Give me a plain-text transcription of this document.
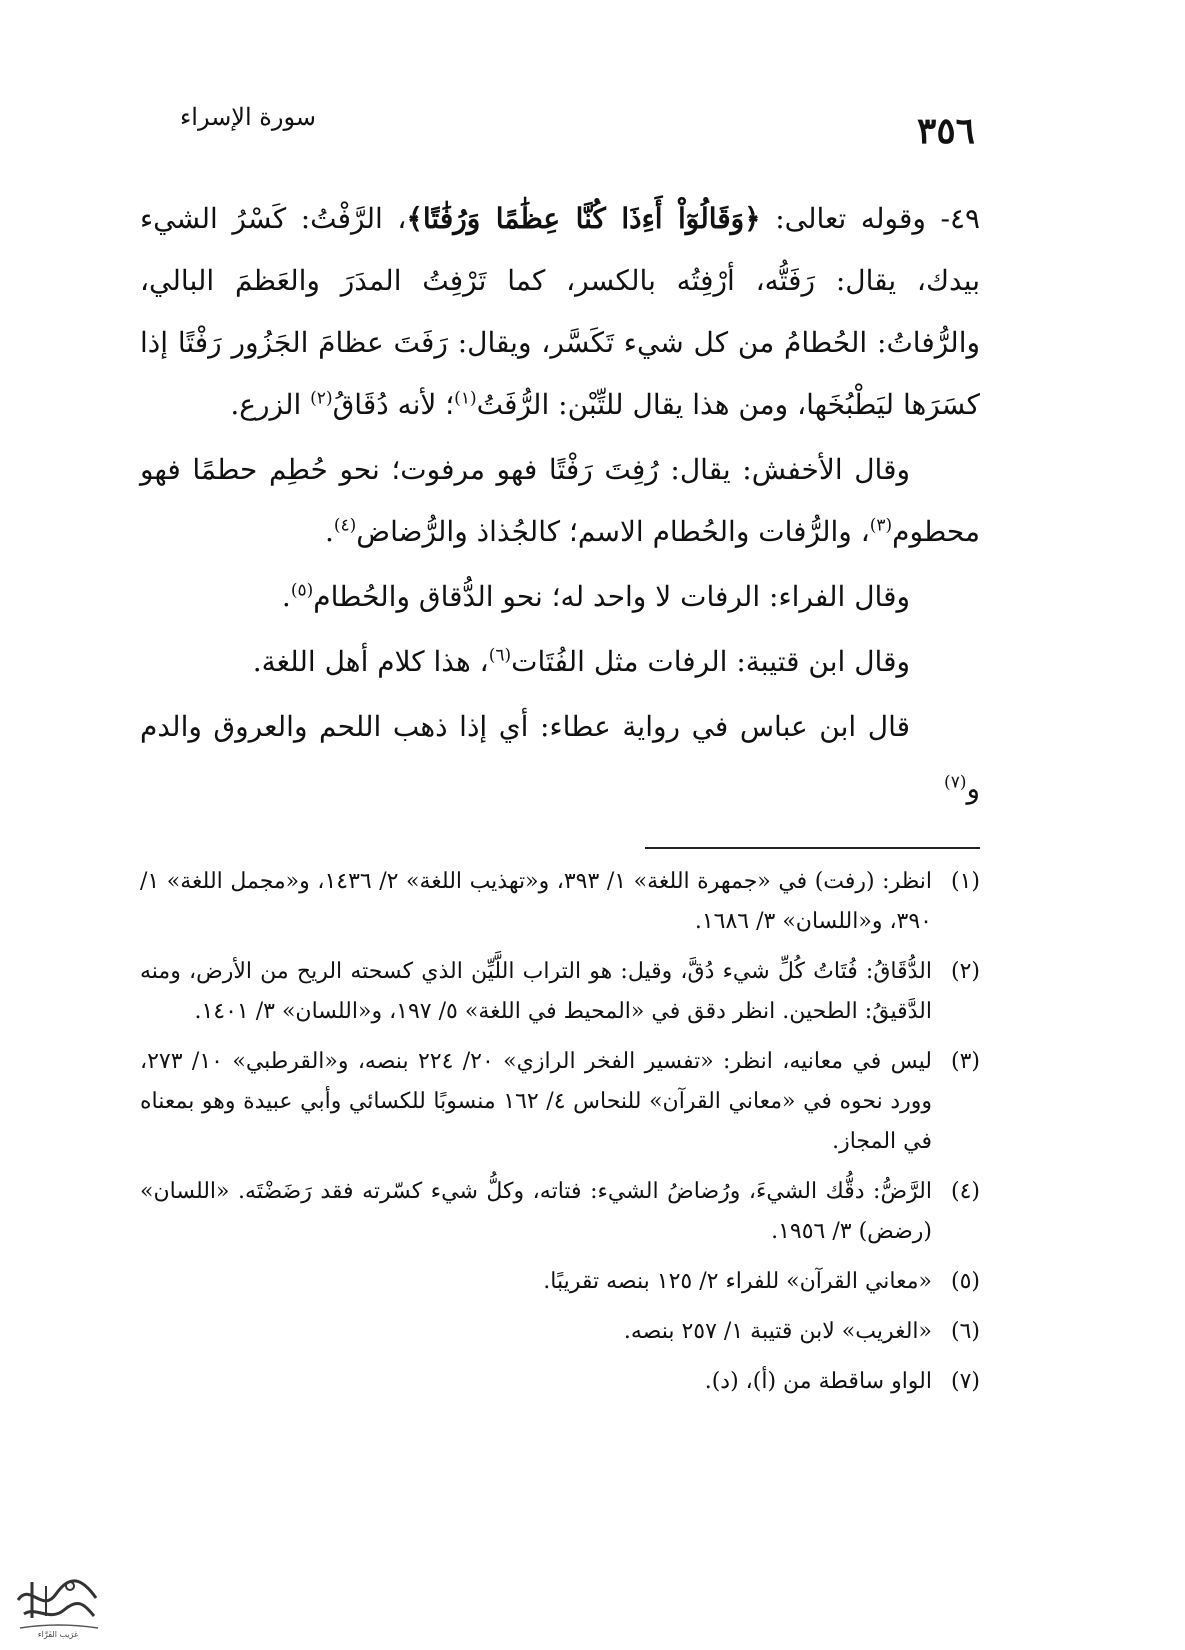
٣٥٦
سورة الإسراء

٤٩- وقوله تعالى: ﴿وَقَالُوٓاْ أَءِذَا كُنَّا عِظَٰمًا وَرُفَٰتًا﴾، الرَّفْتُ: كَسْرُ الشيء بيدك، يقال: رَفَتُّه، أرْفِتُه بالكسر، كما تَرْفِتُ المدَرَ والعَظمَ البالي، والرُّفاتُ: الحُطامُ من كل شيء تَكَسَّر، ويقال: رَفَتَ عظامَ الجَزُور رَفْتًا إذا كسَرَها ليَطْبُخَها، ومن هذا يقال للتِّبْن: الرُّفَتُ$^{(١)}$؛ لأنه دُقَاقُ$^{(٢)}$ الزرع.

وقال الأخفش: يقال: رُفِتَ رَفْتًا فهو مرفوت؛ نحو حُطِم حطمًا فهو محطوم$^{(٣)}$، والرُّفات والحُطام الاسم؛ كالجُذاذ والرُّضاض$^{(٤)}$.

وقال الفراء: الرفات لا واحد له؛ نحو الدُّقاق والحُطام$^{(٥)}$.

وقال ابن قتيبة: الرفات مثل الفُتَات$^{(٦)}$، هذا كلام أهل اللغة.

قال ابن عباس في رواية عطاء: أي إذا ذهب اللحم والعروق والدم و$^{(٧)}$

(١)
انظر: (رفت) في «جمهرة اللغة» ١/ ٣٩٣، و«تهذيب اللغة» ٢/ ١٤٣٦، و«مجمل اللغة» ١/ ٣٩٠، و«اللسان» ٣/ ١٦٨٦.
(٢)
الدُّقَاقُ: فُتَاتُ كُلِّ شيء دُقَّ، وقيل: هو التراب اللَّيِّن الذي كسحته الريح من الأرض، ومنه الدَّقيقُ: الطحين. انظر دقق في «المحيط في اللغة» ٥/ ١٩٧، و«اللسان» ٣/ ١٤٠١.
(٣)
ليس في معانيه، انظر: «تفسير الفخر الرازي» ٢٠/ ٢٢٤ بنصه، و«القرطبي» ١٠/ ٢٧٣، وورد نحوه في «معاني القرآن» للنحاس ٤/ ١٦٢ منسوبًا للكسائي وأبي عبيدة وهو بمعناه في المجاز.
(٤)
الرَّضُّ: دقُّك الشيءَ، ورُضاضُ الشيء: فتاته، وكلُّ شيء كسّرته فقد رَضَضْتَه. «اللسان» (رضض) ٣/ ١٩٥٦.
(٥)
«معاني القرآن» للفراء ٢/ ١٢٥ بنصه تقريبًا.
(٦)
«الغريب» لابن قتيبة ١/ ٢٥٧ بنصه.
(٧)
الواو ساقطة من (أ)، (د).
غرَيب الفَرَّاء
